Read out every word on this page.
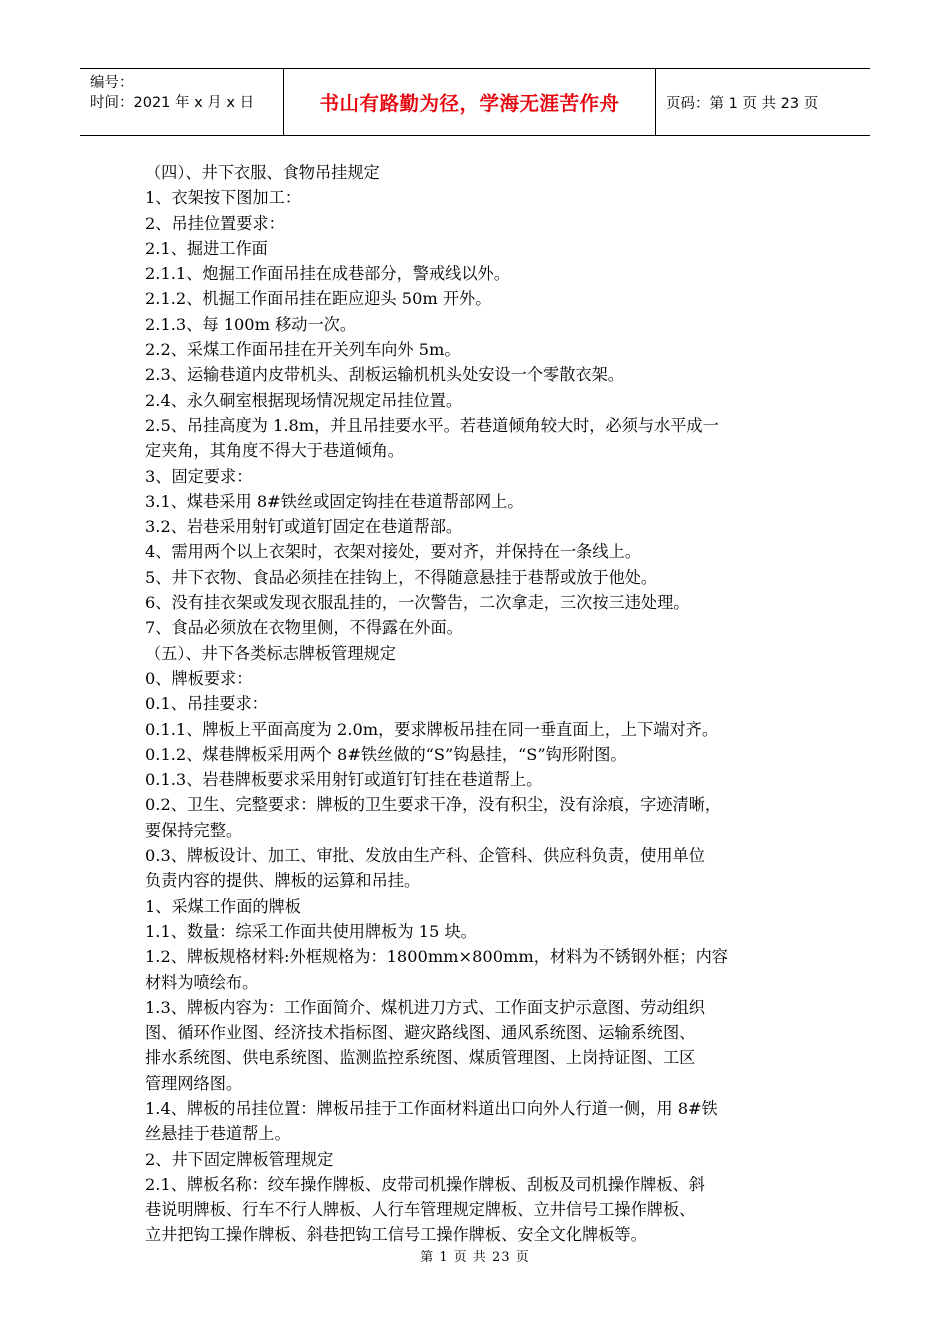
编号：
时间：2021 年 x 月 x 日	书山有路勤为径，学海无涯苦作舟	页码：第 1 页 共 23 页
（四）、井下衣服、食物吊挂规定
1、衣架按下图加工：
2、吊挂位置要求：
2.1、掘进工作面
2.1.1、炮掘工作面吊挂在成巷部分，警戒线以外。
2.1.2、机掘工作面吊挂在距应迎头 50m 开外。
2.1.3、每 100m 移动一次。
2.2、采煤工作面吊挂在开关列车向外 5m。
2.3、运输巷道内皮带机头、刮板运输机机头处安设一个零散衣架。
2.4、永久硐室根据现场情况规定吊挂位置。
2.5、吊挂高度为 1.8m，并且吊挂要水平。若巷道倾角较大时，必须与水平成一
定夹角，其角度不得大于巷道倾角。
3、固定要求：
3.1、煤巷采用 8#铁丝或固定钩挂在巷道帮部网上。
3.2、岩巷采用射钉或道钉固定在巷道帮部。
4、需用两个以上衣架时，衣架对接处，要对齐，并保持在一条线上。
5、井下衣物、食品必须挂在挂钩上，不得随意悬挂于巷帮或放于他处。
6、没有挂衣架或发现衣服乱挂的，一次警告，二次拿走，三次按三违处理。
7、食品必须放在衣物里侧，不得露在外面。
（五）、井下各类标志牌板管理规定
0、牌板要求：
0.1、吊挂要求：
0.1.1、牌板上平面高度为 2.0m，要求牌板吊挂在同一垂直面上，上下端对齐。
0.1.2、煤巷牌板采用两个 8#铁丝做的“S”钩悬挂，“S”钩形附图。
0.1.3、岩巷牌板要求采用射钉或道钉钉挂在巷道帮上。
0.2、卫生、完整要求：牌板的卫生要求干净，没有积尘，没有涂痕，字迹清晰，
要保持完整。
0.3、牌板设计、加工、审批、发放由生产科、企管科、供应科负责，使用单位
负责内容的提供、牌板的运算和吊挂。
1、采煤工作面的牌板
1.1、数量：综采工作面共使用牌板为 15 块。
1.2、牌板规格材料:外框规格为：1800mm×800mm，材料为不锈钢外框；内容
材料为喷绘布。
1.3、牌板内容为：工作面简介、煤机进刀方式、工作面支护示意图、劳动组织
图、循环作业图、经济技术指标图、避灾路线图、通风系统图、运输系统图、
排水系统图、供电系统图、监测监控系统图、煤质管理图、上岗持证图、工区
管理网络图。
1.4、牌板的吊挂位置：牌板吊挂于工作面材料道出口向外人行道一侧，用 8#铁
丝悬挂于巷道帮上。
2、井下固定牌板管理规定
2.1、牌板名称：绞车操作牌板、皮带司机操作牌板、刮板及司机操作牌板、斜
巷说明牌板、行车不行人牌板、人行车管理规定牌板、立井信号工操作牌板、
立井把钩工操作牌板、斜巷把钩工信号工操作牌板、安全文化牌板等。
第 1 页 共 23 页
